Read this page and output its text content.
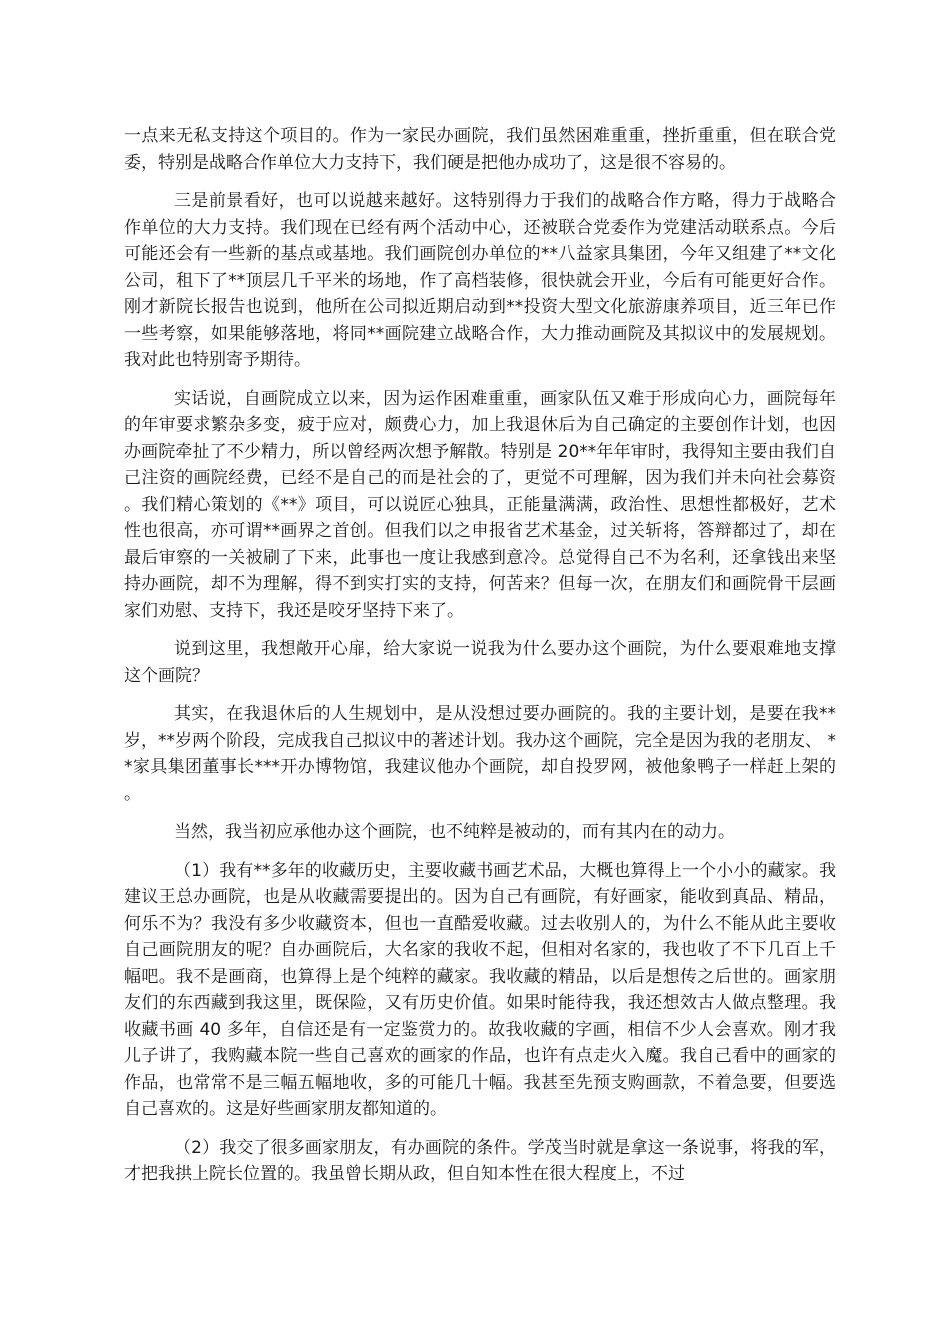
一点来无私支持这个项目的。作为一家民办画院，我们虽然困难重重，挫折重重，但在联合党委，特别是战略合作单位大力支持下，我们硬是把他办成功了，这是很不容易的。

三是前景看好，也可以说越来越好。这特别得力于我们的战略合作方略，得力于战略合作单位的大力支持。我们现在已经有两个活动中心，还被联合党委作为党建活动联系点。今后可能还会有一些新的基点或基地。我们画院创办单位的**八益家具集团，今年又组建了**文化公司，租下了**顶层几千平米的场地，作了高档装修，很快就会开业，今后有可能更好合作。刚才新院长报告也说到，他所在公司拟近期启动到**投资大型文化旅游康养项目，近三年已作一些考察，如果能够落地，将同**画院建立战略合作，大力推动画院及其拟议中的发展规划。我对此也特别寄予期待。

实话说，自画院成立以来，因为运作困难重重，画家队伍又难于形成向心力，画院每年的年审要求繁杂多变，疲于应对，颇费心力，加上我退休后为自己确定的主要创作计划，也因办画院牵扯了不少精力，所以曾经两次想予解散。特别是 20**年年审时，我得知主要由我们自己注资的画院经费，已经不是自己的而是社会的了，更觉不可理解，因为我们并未向社会募资。我们精心策划的《**》项目，可以说匠心独具，正能量满满，政治性、思想性都极好，艺术性也很高，亦可谓**画界之首创。但我们以之申报省艺术基金，过关斩将，答辩都过了，却在最后审察的一关被刷了下来，此事也一度让我感到意冷。总觉得自己不为名利，还拿钱出来坚持办画院，却不为理解，得不到实打实的支持，何苦来？但每一次，在朋友们和画院骨干层画家们劝慰、支持下，我还是咬牙坚持下来了。

说到这里，我想敞开心扉，给大家说一说我为什么要办这个画院，为什么要艰难地支撑这个画院？

其实，在我退休后的人生规划中，是从没想过要办画院的。我的主要计划，是要在我**岁，**岁两个阶段，完成我自己拟议中的著述计划。我办这个画院，完全是因为我的老朋友、 **家具集团董事长***开办博物馆，我建议他办个画院，却自投罗网，被他象鸭子一样赶上架的。

当然，我当初应承他办这个画院，也不纯粹是被动的，而有其内在的动力。

（1）我有**多年的收藏历史，主要收藏书画艺术品，大概也算得上一个小小的藏家。我建议王总办画院，也是从收藏需要提出的。因为自己有画院，有好画家，能收到真品、精品，何乐不为？我没有多少收藏资本，但也一直酷爱收藏。过去收别人的，为什么不能从此主要收自己画院朋友的呢？自办画院后，大名家的我收不起，但相对名家的，我也收了不下几百上千幅吧。我不是画商，也算得上是个纯粹的藏家。我收藏的精品，以后是想传之后世的。画家朋友们的东西藏到我这里，既保险，又有历史价值。如果时能待我，我还想效古人做点整理。我收藏书画 40 多年，自信还是有一定鉴赏力的。故我收藏的字画，相信不少人会喜欢。刚才我儿子讲了，我购藏本院一些自己喜欢的画家的作品，也许有点走火入魔。我自己看中的画家的作品，也常常不是三幅五幅地收，多的可能几十幅。我甚至先预支购画款，不着急要，但要选自己喜欢的。这是好些画家朋友都知道的。

（2）我交了很多画家朋友，有办画院的条件。学茂当时就是拿这一条说事，将我的军，才把我拱上院长位置的。我虽曾长期从政，但自知本性在很大程度上，不过
